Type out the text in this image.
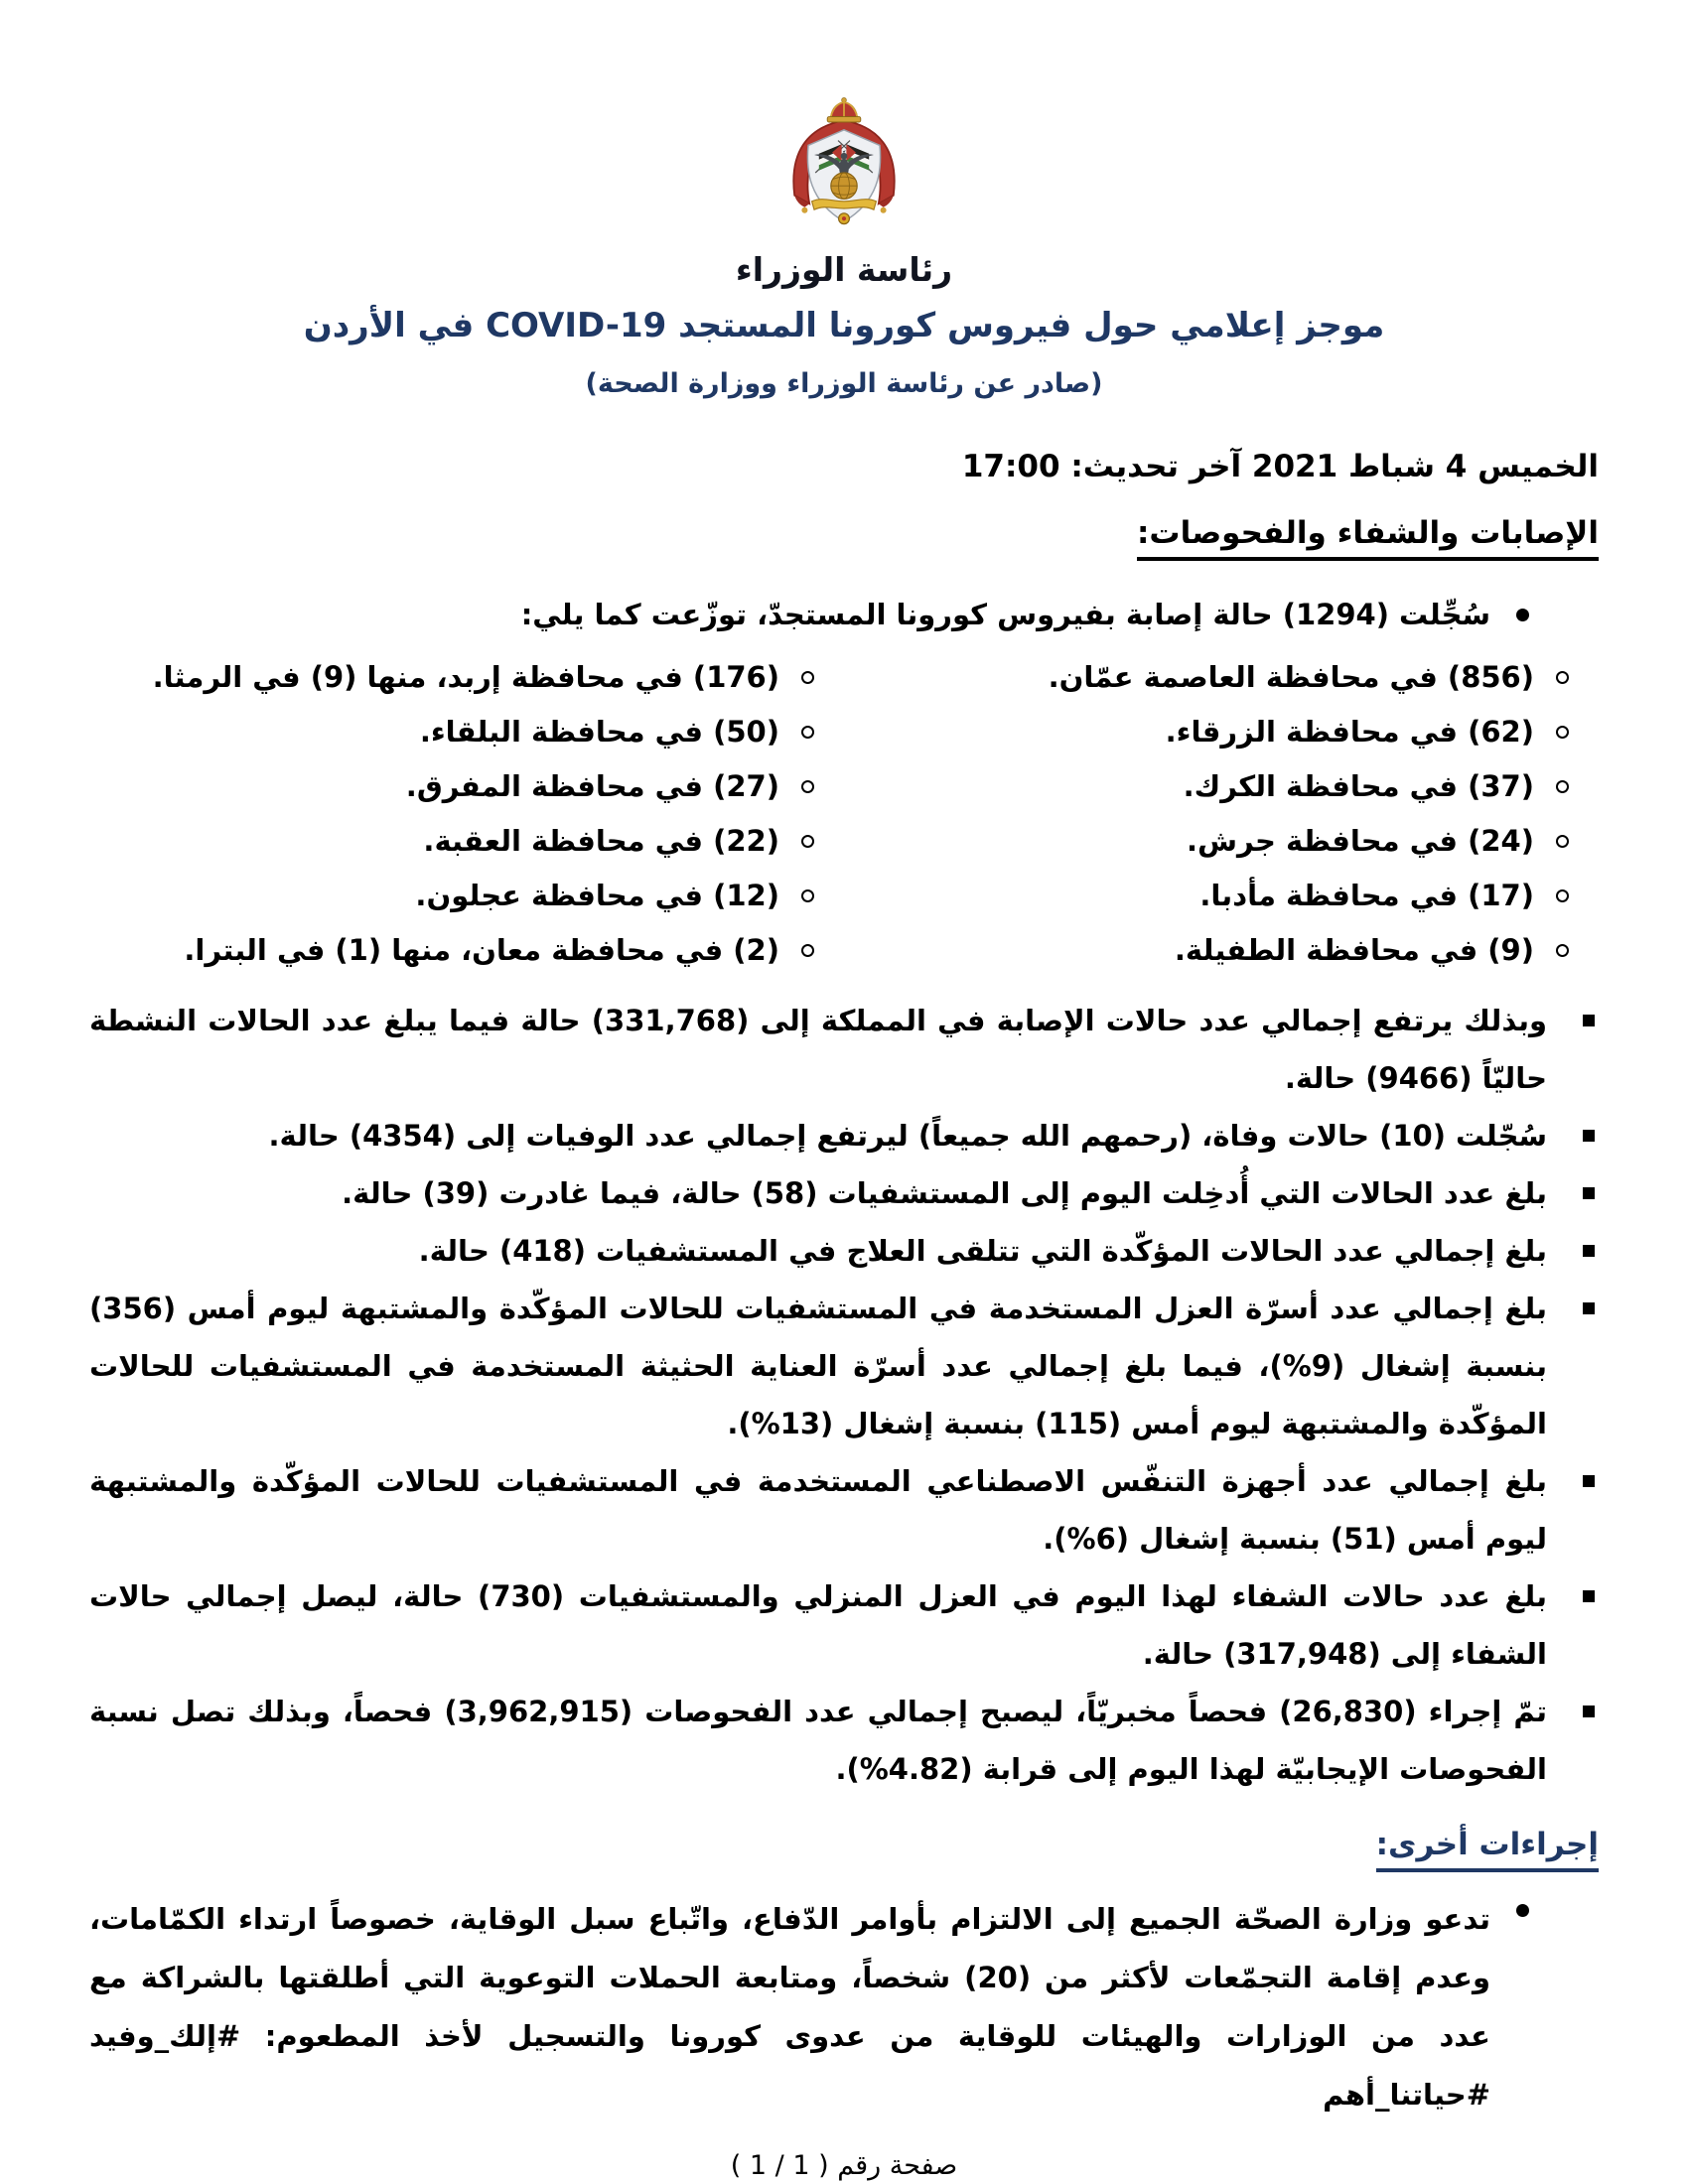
رئاسة الوزراء
موجز إعلامي حول فيروس كورونا المستجد COVID-19 في الأردن
(صادر عن رئاسة الوزراء ووزارة الصحة)
الخميس 4 شباط 2021 آخر تحديث: 17:00
الإصابات والشفاء والفحوصات:

سُجِّلت (1294) حالة إصابة بفيروس كورونا المستجدّ، توزّعت كما يلي:

(856) في محافظة العاصمة عمّان.
(176) في محافظة إربد، منها (9) في الرمثا.
(62) في محافظة الزرقاء.
(50) في محافظة البلقاء.
(37) في محافظة الكرك.
(27) في محافظة المفرق.
(24) في محافظة جرش.
(22) في محافظة العقبة.
(17) في محافظة مأدبا.
(12) في محافظة عجلون.
(9) في محافظة الطفيلة.
(2) في محافظة معان، منها (1) في البترا.

وبذلك يرتفع إجمالي عدد حالات الإصابة في المملكة إلى (331,768) حالة فيما يبلغ عدد الحالات النشطة حاليّاً (9466) حالة.

سُجّلت (10) حالات وفاة، (رحمهم الله جميعاً) ليرتفع إجمالي عدد الوفيات إلى (4354) حالة.

بلغ عدد الحالات التي أُدخِلت اليوم إلى المستشفيات (58) حالة، فيما غادرت (39) حالة.

بلغ إجمالي عدد الحالات المؤكّدة التي تتلقى العلاج في المستشفيات (418) حالة.

بلغ إجمالي عدد أسرّة العزل المستخدمة في المستشفيات للحالات المؤكّدة والمشتبهة ليوم أمس (356) بنسبة إشغال (9%)، فيما بلغ إجمالي عدد أسرّة العناية الحثيثة المستخدمة في المستشفيات للحالات المؤكّدة والمشتبهة ليوم أمس (115) بنسبة إشغال (13%).

بلغ إجمالي عدد أجهزة التنفّس الاصطناعي المستخدمة في المستشفيات للحالات المؤكّدة والمشتبهة ليوم أمس (51) بنسبة إشغال (6%).

بلغ عدد حالات الشفاء لهذا اليوم في العزل المنزلي والمستشفيات (730) حالة، ليصل إجمالي حالات الشفاء إلى (317,948) حالة.

تمّ إجراء (26,830) فحصاً مخبريّاً، ليصبح إجمالي عدد الفحوصات (3,962,915) فحصاً، وبذلك تصل نسبة الفحوصات الإيجابيّة لهذا اليوم إلى قرابة (4.82%).

إجراءات أخرى:

تدعو وزارة الصحّة الجميع إلى الالتزام بأوامر الدّفاع، واتّباع سبل الوقاية، خصوصاً ارتداء الكمّامات، وعدم إقامة التجمّعات لأكثر من (20) شخصاً، ومتابعة الحملات التوعوية التي أطلقتها بالشراكة مع عدد من الوزارات والهيئات للوقاية من عدوى كورونا والتسجيل لأخذ المطعوم: #إلك_وفيد #حياتنا_أهم

صفحة رقم ( 1 / 1 )
